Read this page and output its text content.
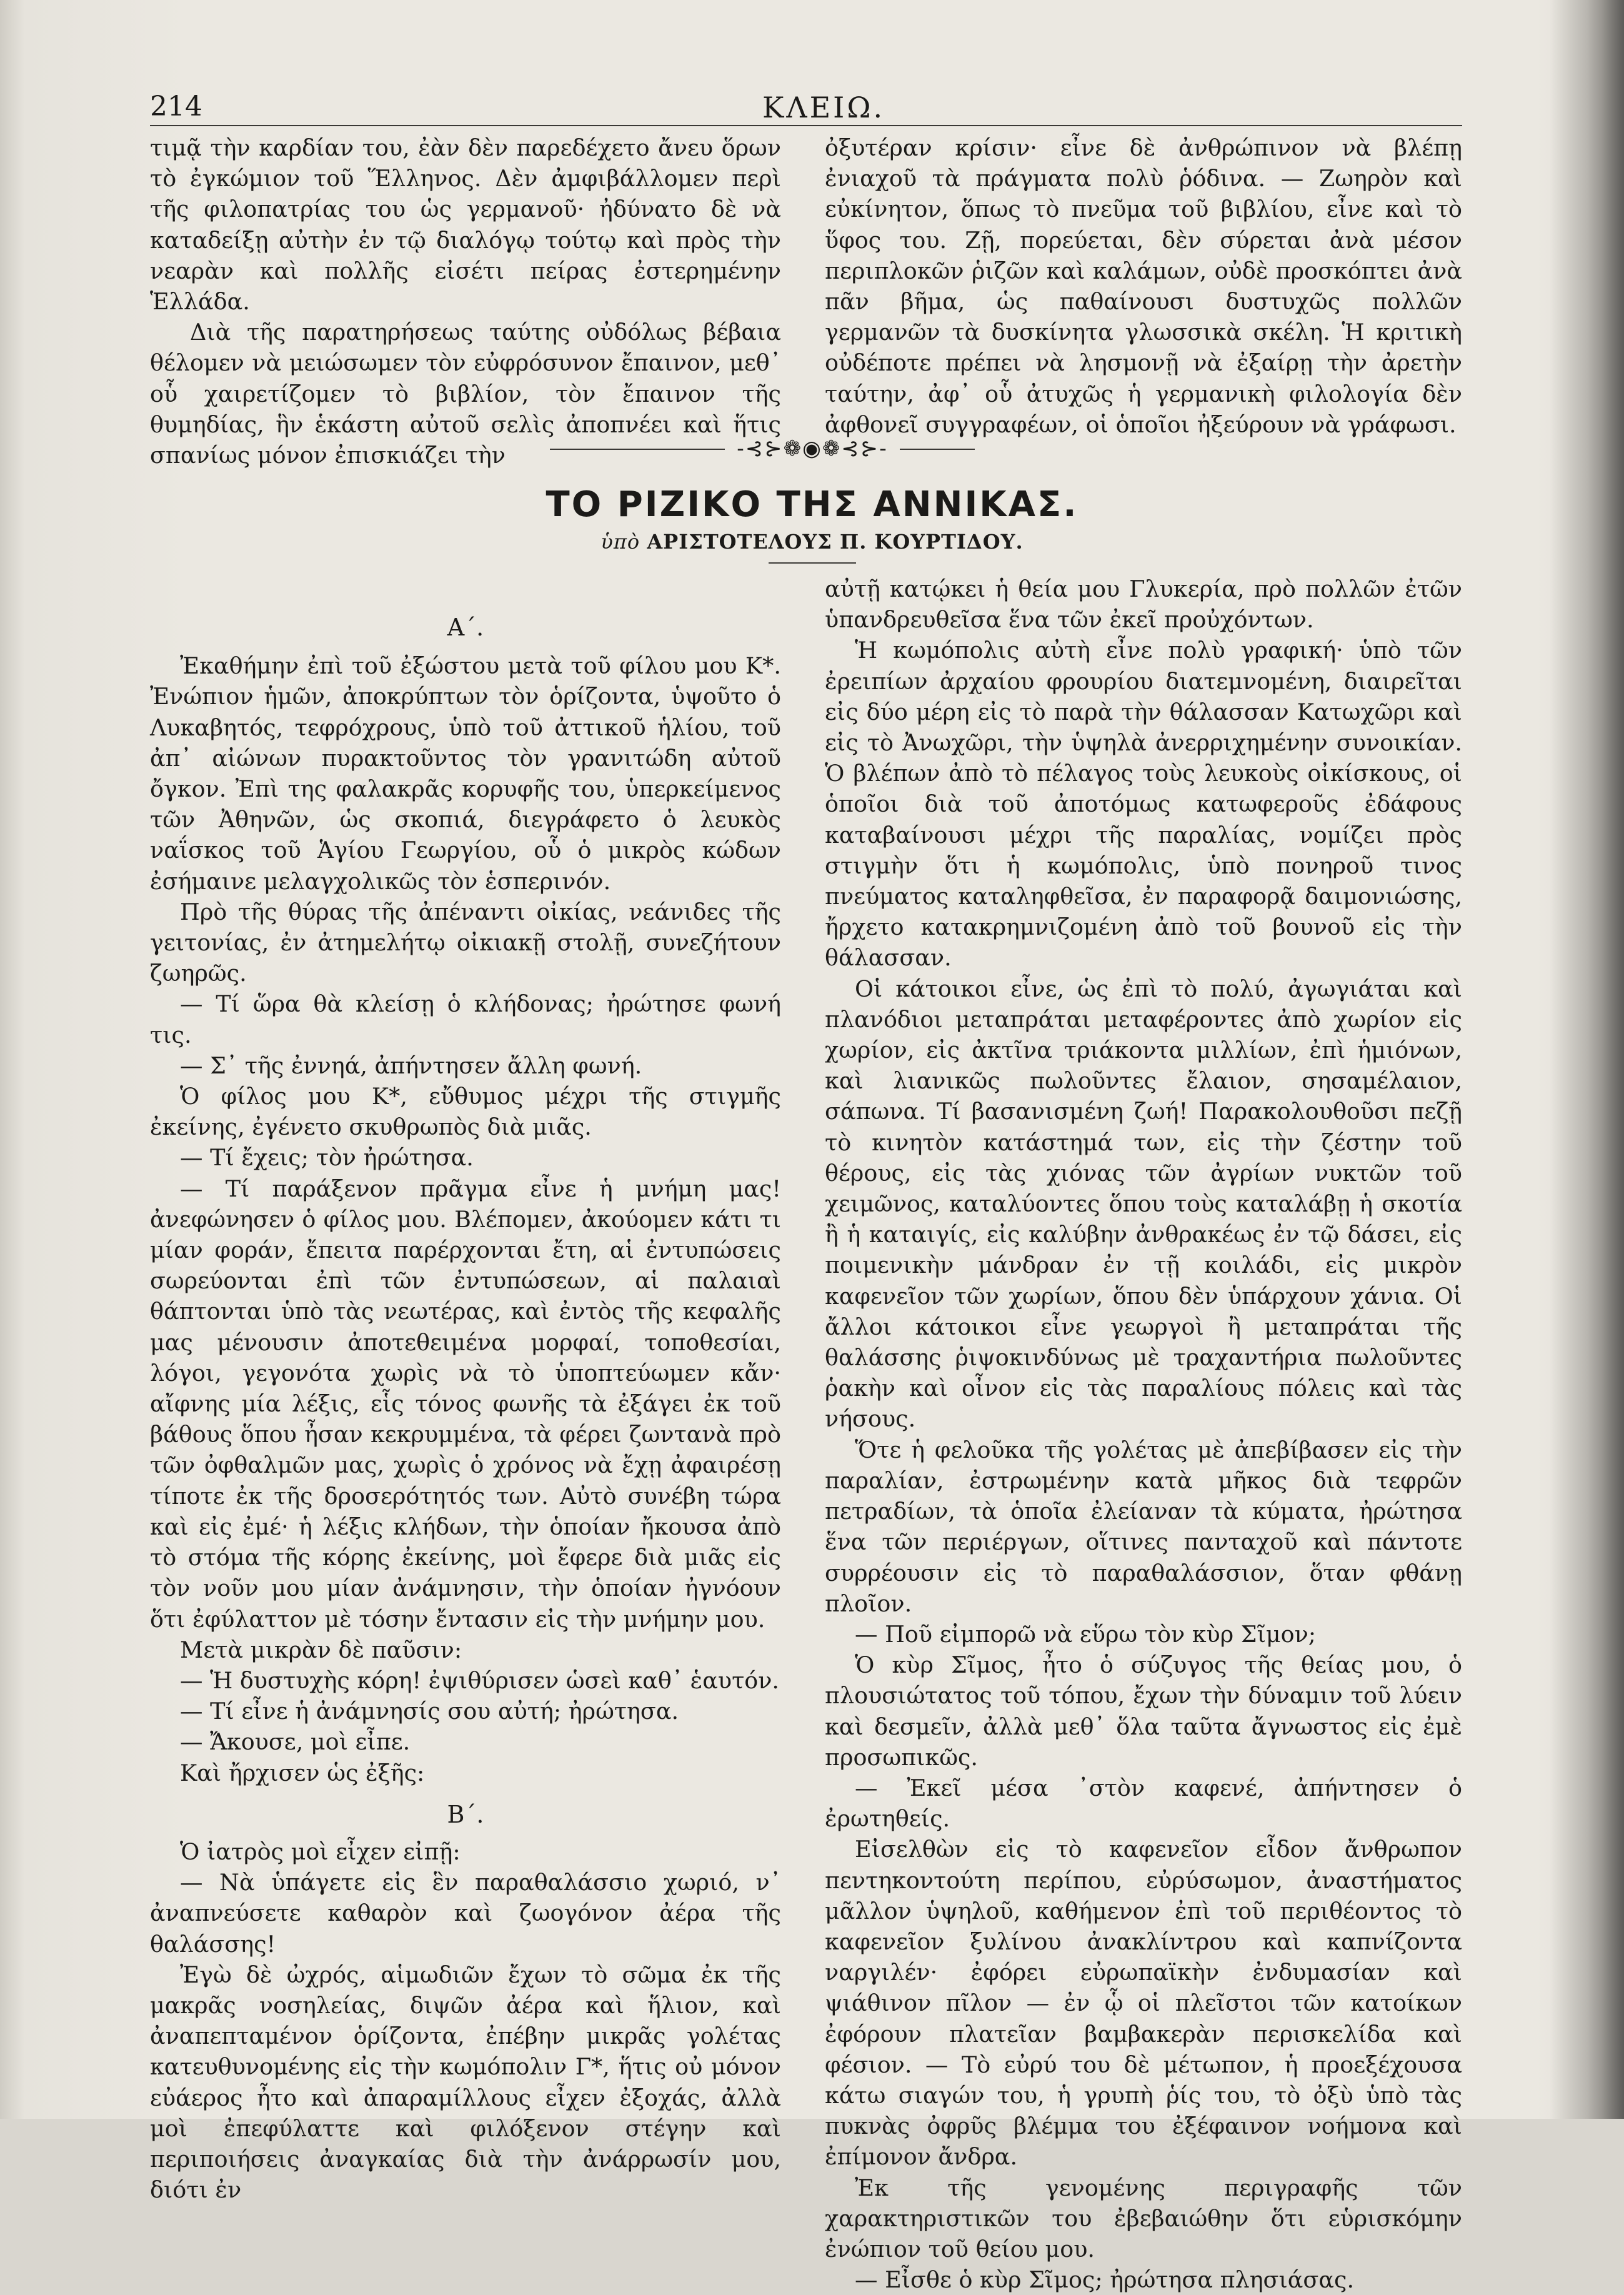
214	ΚΛΕΙΩ.

τιμᾷ τὴν καρδίαν του, ἐὰν δὲν παρεδέχετο ἄνευ ὅρων τὸ ἐγκώμιον τοῦ Ἕλληνος. Δὲν ἀμφιβάλλομεν περὶ τῆς φιλοπατρίας του ὡς γερμανοῦ· ἠδύνατο δὲ νὰ καταδείξῃ αὐτὴν ἐν τῷ διαλόγῳ τούτῳ καὶ πρὸς τὴν νεαρὰν καὶ πολλῆς εἰσέτι πείρας ἐστερημένην Ἑλλάδα.

Διὰ τῆς παρατηρήσεως ταύτης οὐδόλως βέβαια θέλομεν νὰ μειώσωμεν τὸν εὐφρόσυνον ἔπαινον, μεθ᾽ οὗ χαιρετίζομεν τὸ βιβλίον, τὸν ἔπαινον τῆς θυμηδίας, ἣν ἑκάστη αὐτοῦ σελὶς ἀποπνέει καὶ ἥτις σπανίως μόνον ἐπισκιάζει τὴν

ὀξυτέραν κρίσιν· εἶνε δὲ ἀνθρώπινον νὰ βλέπῃ ἐνιαχοῦ τὰ πράγματα πολὺ ῥόδινα. — Ζωηρὸν καὶ εὐκίνητον, ὅπως τὸ πνεῦμα τοῦ βιβλίου, εἶνε καὶ τὸ ὕφος του. Ζῇ, πορεύεται, δὲν σύρεται ἀνὰ μέσον περιπλοκῶν ῥιζῶν καὶ καλάμων, οὐδὲ προσκόπτει ἀνὰ πᾶν βῆμα, ὡς παθαίνουσι δυστυχῶς πολλῶν γερμανῶν τὰ δυσκίνητα γλωσσικὰ σκέλη. Ἡ κριτικὴ οὐδέποτε πρέπει νὰ λησμονῇ νὰ ἐξαίρῃ τὴν ἀρετὴν ταύτην, ἀφ᾽ οὗ ἀτυχῶς ἡ γερμανικὴ φιλολογία δὲν ἀφθονεῖ συγγραφέων, οἱ ὁποῖοι ἠξεύρουν νὰ γράφωσι.

-⊰⊱❁◉❁⊰⊱-
ΤΟ ΡΙΖΙΚΟ ΤΗΣ ΑΝΝΙΚΑΣ.
ὑπὸ ΑΡΙΣΤΟΤΕΛΟΥΣ Π. ΚΟΥΡΤΙΔΟΥ.

Α΄.

Ἐκαθήμην ἐπὶ τοῦ ἐξώστου μετὰ τοῦ φίλου μου Κ*. Ἐνώπιον ἡμῶν, ἀποκρύπτων τὸν ὁρίζοντα, ὑψοῦτο ὁ Λυκαβητός, τεφρόχρους, ὑπὸ τοῦ ἀττικοῦ ἡλίου, τοῦ ἀπ᾽ αἰώνων πυρακτοῦντος τὸν γρανιτώδη αὐτοῦ ὄγκον. Ἐπὶ της φαλακρᾶς κορυφῆς του, ὑπερκείμενος τῶν Ἀθηνῶν, ὡς σκοπιά, διεγράφετο ὁ λευκὸς ναΐσκος τοῦ Ἁγίου Γεωργίου, οὗ ὁ μικρὸς κώδων ἐσήμαινε μελαγχολικῶς τὸν ἑσπερινόν.

Πρὸ τῆς θύρας τῆς ἀπέναντι οἰκίας, νεάνιδες τῆς γειτονίας, ἐν ἀτημελήτῳ οἰκιακῇ στολῇ, συνεζήτουν ζωηρῶς.

— Τί ὥρα θὰ κλείσῃ ὁ κλήδονας; ἠρώτησε φωνή τις.

— Σ᾽ τῆς ἐννηά, ἀπήντησεν ἄλλη φωνή.

Ὁ φίλος μου Κ*, εὔθυμος μέχρι τῆς στιγμῆς ἐκείνης, ἐγένετο σκυθρωπὸς διὰ μιᾶς.

— Τί ἔχεις; τὸν ἠρώτησα.

— Τί παράξενον πρᾶγμα εἶνε ἡ μνήμη μας! ἀνεφώνησεν ὁ φίλος μου. Βλέπομεν, ἀκούομεν κάτι τι μίαν φοράν, ἔπειτα παρέρχονται ἔτη, αἱ ἐντυπώσεις σωρεύονται ἐπὶ τῶν ἐντυπώσεων, αἱ παλαιαὶ θάπτονται ὑπὸ τὰς νεωτέρας, καὶ ἐντὸς τῆς κεφαλῆς μας μένουσιν ἀποτεθειμένα μορφαί, τοποθεσίαι, λόγοι, γεγονότα χωρὶς νὰ τὸ ὑποπτεύωμεν κἄν· αἴφνης μία λέξις, εἷς τόνος φωνῆς τὰ ἐξάγει ἐκ τοῦ βάθους ὅπου ἦσαν κεκρυμμένα, τὰ φέρει ζωντανὰ πρὸ τῶν ὀφθαλμῶν μας, χωρὶς ὁ χρόνος νὰ ἔχῃ ἀφαιρέσῃ τίποτε ἐκ τῆς δροσερότητός των. Αὐτὸ συνέβη τώρα καὶ εἰς ἐμέ· ἡ λέξις κλήδων, τὴν ὁποίαν ἤκουσα ἀπὸ τὸ στόμα τῆς κόρης ἐκείνης, μοὶ ἔφερε διὰ μιᾶς εἰς τὸν νοῦν μου μίαν ἀνάμνησιν, τὴν ὁποίαν ἠγνόουν ὅτι ἐφύλαττον μὲ τόσην ἔντασιν εἰς τὴν μνήμην μου.

Μετὰ μικρὰν δὲ παῦσιν:

— Ἡ δυστυχὴς κόρη! ἐψιθύρισεν ὡσεὶ καθ᾽ ἑαυτόν.

— Τί εἶνε ἡ ἀνάμνησίς σου αὐτή; ἠρώτησα.

— Ἄκουσε, μοὶ εἶπε.

Καὶ ἤρχισεν ὡς ἐξῆς:

Β΄.

Ὁ ἰατρὸς μοὶ εἶχεν εἰπῇ:

— Νὰ ὑπάγετε εἰς ἓν παραθαλάσσιο χωριό, ν᾽ ἀναπνεύσετε καθαρὸν καὶ ζωογόνον ἀέρα τῆς θαλάσσης!

Ἐγὼ δὲ ὠχρός, αἱμωδιῶν ἔχων τὸ σῶμα ἐκ τῆς μακρᾶς νοσηλείας, διψῶν ἀέρα καὶ ἥλιον, καὶ ἀναπεπταμένον ὁρίζοντα, ἐπέβην μικρᾶς γολέτας κατευθυνομένης εἰς τὴν κωμόπολιν Γ*, ἥτις οὐ μόνον εὐάερος ἦτο καὶ ἀπαραμίλλους εἶχεν ἐξοχάς, ἀλλὰ μοὶ ἐπεφύλαττε καὶ φιλόξενον στέγην καὶ περιποιήσεις ἀναγκαίας διὰ τὴν ἀνάρρωσίν μου, διότι ἐν

αὐτῇ κατῴκει ἡ θεία μου Γλυκερία, πρὸ πολλῶν ἐτῶν ὑπανδρευθεῖσα ἕνα τῶν ἐκεῖ προὐχόντων.

Ἡ κωμόπολις αὐτὴ εἶνε πολὺ γραφική· ὑπὸ τῶν ἐρειπίων ἀρχαίου φρουρίου διατεμνομένη, διαιρεῖται εἰς δύο μέρη εἰς τὸ παρὰ τὴν θάλασσαν Κατωχῶρι καὶ εἰς τὸ Ἀνωχῶρι, τὴν ὑψηλὰ ἀνερριχημένην συνοικίαν. Ὁ βλέπων ἀπὸ τὸ πέλαγος τοὺς λευκοὺς οἰκίσκους, οἱ ὁποῖοι διὰ τοῦ ἀποτόμως κατωφεροῦς ἐδάφους καταβαίνουσι μέχρι τῆς παραλίας, νομίζει πρὸς στιγμὴν ὅτι ἡ κωμόπολις, ὑπὸ πονηροῦ τινος πνεύματος καταληφθεῖσα, ἐν παραφορᾷ δαιμονιώσης, ἤρχετο κατακρημνιζομένη ἀπὸ τοῦ βουνοῦ εἰς τὴν θάλασσαν.

Οἱ κάτοικοι εἶνε, ὡς ἐπὶ τὸ πολύ, ἀγωγιάται καὶ πλανόδιοι μεταπράται μεταφέροντες ἀπὸ χωρίον εἰς χωρίον, εἰς ἀκτῖνα τριάκοντα μιλλίων, ἐπὶ ἡμιόνων, καὶ λιανικῶς πωλοῦντες ἔλαιον, σησαμέλαιον, σάπωνα. Τί βασανισμένη ζωή! Παρακολουθοῦσι πεζῇ τὸ κινητὸν κατάστημά των, εἰς τὴν ζέστην τοῦ θέρους, εἰς τὰς χιόνας τῶν ἀγρίων νυκτῶν τοῦ χειμῶνος, καταλύοντες ὅπου τοὺς καταλάβῃ ἡ σκοτία ἢ ἡ καταιγίς, εἰς καλύβην ἀνθρακέως ἐν τῷ δάσει, εἰς ποιμενικὴν μάνδραν ἐν τῇ κοιλάδι, εἰς μικρὸν καφενεῖον τῶν χωρίων, ὅπου δὲν ὑπάρχουν χάνια. Οἱ ἄλλοι κάτοικοι εἶνε γεωργοὶ ἢ μεταπράται τῆς θαλάσσης ῥιψοκινδύνως μὲ τραχαντήρια πωλοῦντες ῥακὴν καὶ οἶνον εἰς τὰς παραλίους πόλεις καὶ τὰς νήσους.

Ὅτε ἡ φελοῦκα τῆς γολέτας μὲ ἀπεβίβασεν εἰς τὴν παραλίαν, ἐστρωμένην κατὰ μῆκος διὰ τεφρῶν πετραδίων, τὰ ὁποῖα ἐλείαναν τὰ κύματα, ἠρώτησα ἕνα τῶν περιέργων, οἵτινες πανταχοῦ καὶ πάντοτε συρρέουσιν εἰς τὸ παραθαλάσσιον, ὅταν φθάνῃ πλοῖον.

— Ποῦ εἰμπορῶ νὰ εὕρω τὸν κὺρ Σῖμον;

Ὁ κὺρ Σῖμος, ἦτο ὁ σύζυγος τῆς θείας μου, ὁ πλουσιώτατος τοῦ τόπου, ἔχων τὴν δύναμιν τοῦ λύειν καὶ δεσμεῖν, ἀλλὰ μεθ᾽ ὅλα ταῦτα ἄγνωστος εἰς ἐμὲ προσωπικῶς.

— Ἐκεῖ μέσα ᾽στὸν καφενέ, ἀπήντησεν ὁ ἐρωτηθείς.

Εἰσελθὼν εἰς τὸ καφενεῖον εἶδον ἄνθρωπον πεντηκοντούτη περίπου, εὐρύσωμον, ἀναστήματος μᾶλλον ὑψηλοῦ, καθήμενον ἐπὶ τοῦ περιθέοντος τὸ καφενεῖον ξυλίνου ἀνακλίντρου καὶ καπνίζοντα ναργιλέν· ἐφόρει εὐρωπαϊκὴν ἐνδυμασίαν καὶ ψιάθινον πῖλον — ἐν ᾧ οἱ πλεῖστοι τῶν κατοίκων ἐφόρουν πλατεῖαν βαμβακερὰν περισκελίδα καὶ φέσιον. — Τὸ εὐρύ του δὲ μέτωπον, ἡ προεξέχουσα κάτω σιαγών του, ἡ γρυπὴ ῥίς του, τὸ ὀξὺ ὑπὸ τὰς πυκνὰς ὀφρῦς βλέμμα του ἐξέφαινον νοήμονα καὶ ἐπίμονον ἄνδρα.

Ἐκ τῆς γενομένης περιγραφῆς τῶν χαρακτηριστικῶν του ἐβεβαιώθην ὅτι εὑρισκόμην ἐνώπιον τοῦ θείου μου.

— Εἶσθε ὁ κὺρ Σῖμος; ἠρώτησα πλησιάσας.
